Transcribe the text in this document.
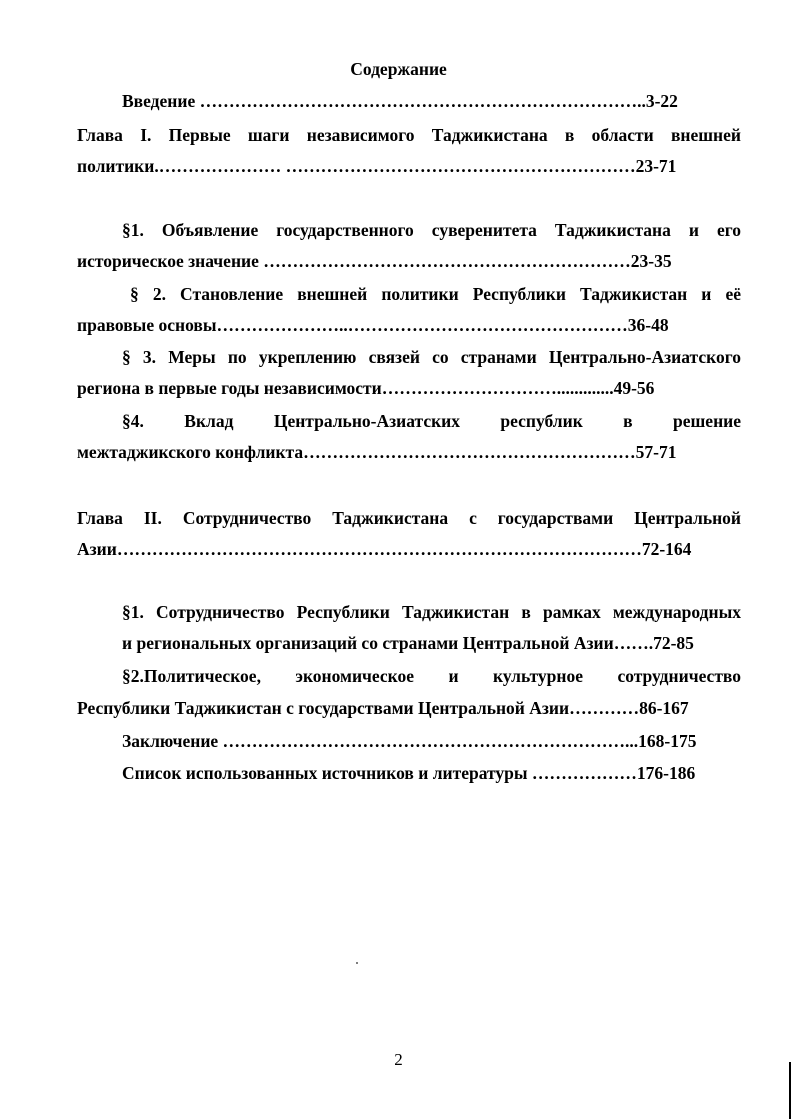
Содержание
Введение …………………………………………………………………..3-22
Глава I. Первые шаги независимого Таджикистана в области внешней
политики.………………… ……………………………………………………23-71
§1. Объявление государственного суверенитета Таджикистана и его
историческое значение ………………………………………………………23-35
§ 2. Становление внешней политики Республики Таджикистан и её
правовые основы…………………..…………………………………………36-48
§ 3. Меры по укреплению связей со странами Центрально-Азиатского
региона в первые годы независимости………………………….............49-56
§4. Вклад Центрально-Азиатских республик в решение
межтаджикского конфликта…………………………………………………57-71
Глава II. Сотрудничество Таджикистана с государствами Центральной
Азии………………………………………………………………………………72-164
§1. Сотрудничество Республики Таджикистан в рамках международных
и региональных организаций со странами Центральной Азии…….72-85
§2.Политическое, экономическое и культурное сотрудничество
Республики Таджикистан с государствами Центральной Азии…………86-167
Заключение ……………………………………………………………...168-175
Список использованных источников и литературы ………………176-186
2
